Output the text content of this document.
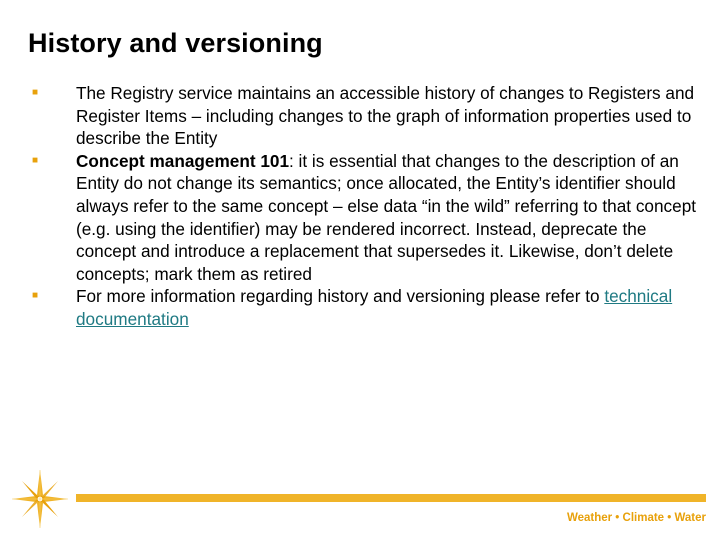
History and versioning
■	The Registry service maintains an accessible history of changes to Registers and Register Items – including changes to the graph of information properties used to describe the Entity
■	Concept management 101: it is essential that changes to the description of an Entity do not change its semantics; once allocated, the Entity’s identifier should always refer to the same concept – else data “in the wild” referring to that concept (e.g. using the identifier) may be rendered incorrect. Instead, deprecate the concept and introduce a replacement that supersedes it. Likewise, don’t delete concepts; mark them as retired
■	For more information regarding history and versioning please refer to technical documentation
Weather • Climate • Water
